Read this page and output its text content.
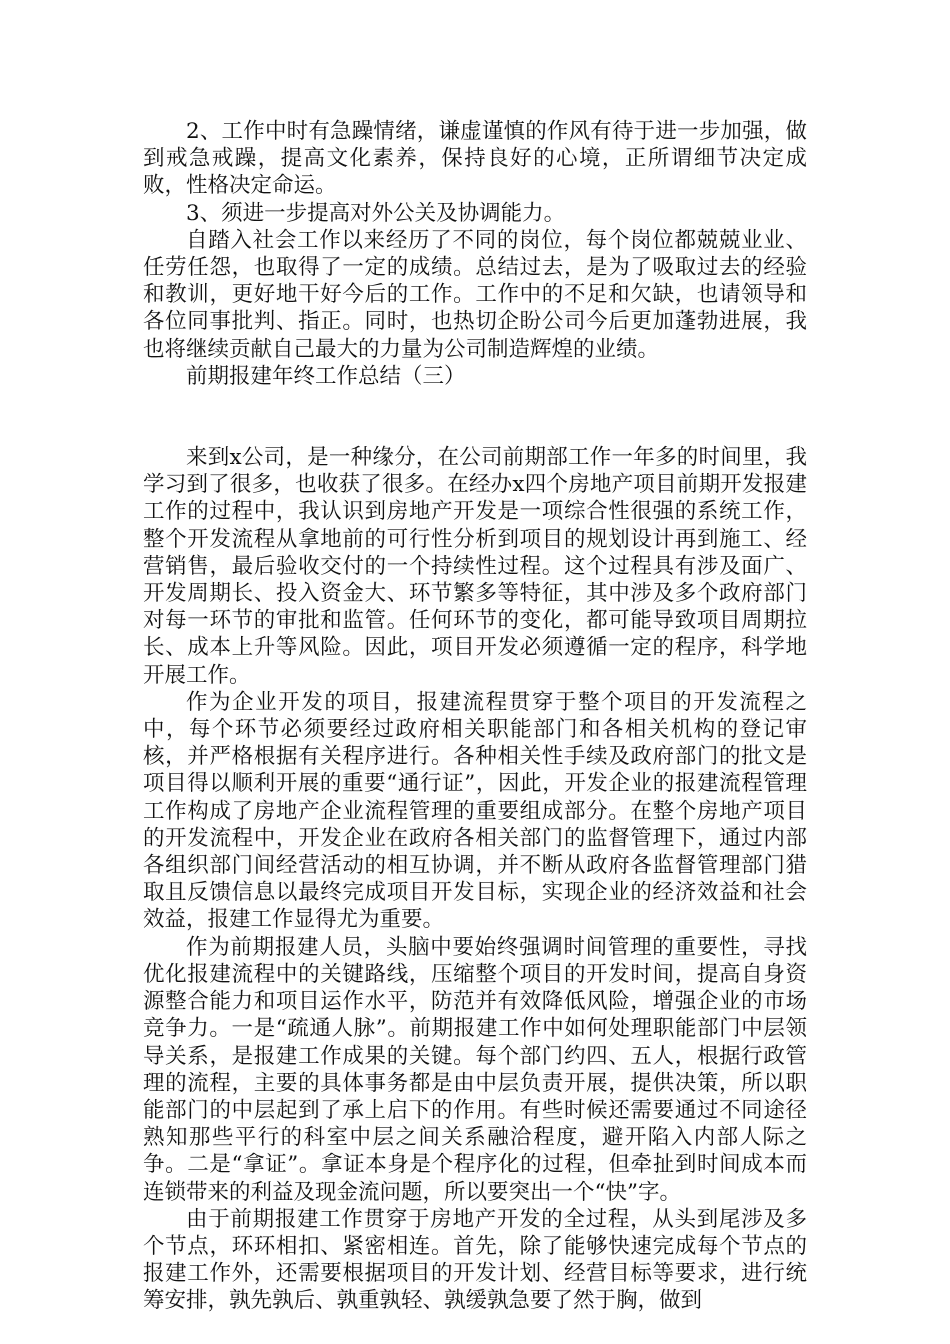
2、工作中时有急躁情绪，谦虚谨慎的作风有待于进一步加强，做到戒急戒躁，提高文化素养，保持良好的心境，正所谓细节决定成败，性格决定命运。

3、须进一步提高对外公关及协调能力。

自踏入社会工作以来经历了不同的岗位，每个岗位都兢兢业业、任劳任怨，也取得了一定的成绩。总结过去，是为了吸取过去的经验和教训，更好地干好今后的工作。工作中的不足和欠缺，也请领导和各位同事批判、指正。同时，也热切企盼公司今后更加蓬勃进展，我也将继续贡献自己最大的力量为公司制造辉煌的业绩。

前期报建年终工作总结（三）

来到x公司，是一种缘分，在公司前期部工作一年多的时间里，我学习到了很多，也收获了很多。在经办x四个房地产项目前期开发报建工作的过程中，我认识到房地产开发是一项综合性很强的系统工作，整个开发流程从拿地前的可行性分析到项目的规划设计再到施工、经营销售，最后验收交付的一个持续性过程。这个过程具有涉及面广、开发周期长、投入资金大、环节繁多等特征，其中涉及多个政府部门对每一环节的审批和监管。任何环节的变化，都可能导致项目周期拉长、成本上升等风险。因此，项目开发必须遵循一定的程序，科学地开展工作。

作为企业开发的项目，报建流程贯穿于整个项目的开发流程之中，每个环节必须要经过政府相关职能部门和各相关机构的登记审核，并严格根据有关程序进行。各种相关性手续及政府部门的批文是项目得以顺利开展的重要“通行证”，因此，开发企业的报建流程管理工作构成了房地产企业流程管理的重要组成部分。在整个房地产项目的开发流程中，开发企业在政府各相关部门的监督管理下，通过内部各组织部门间经营活动的相互协调，并不断从政府各监督管理部门猎取且反馈信息以最终完成项目开发目标，实现企业的经济效益和社会效益，报建工作显得尤为重要。

作为前期报建人员，头脑中要始终强调时间管理的重要性，寻找优化报建流程中的关键路线，压缩整个项目的开发时间，提高自身资源整合能力和项目运作水平，防范并有效降低风险，增强企业的市场竞争力。一是“疏通人脉”。前期报建工作中如何处理职能部门中层领导关系，是报建工作成果的关键。每个部门约四、五人，根据行政管理的流程，主要的具体事务都是由中层负责开展，提供决策，所以职能部门的中层起到了承上启下的作用。有些时候还需要通过不同途径熟知那些平行的科室中层之间关系融洽程度，避开陷入内部人际之争。二是“拿证”。拿证本身是个程序化的过程，但牵扯到时间成本而连锁带来的利益及现金流问题，所以要突出一个“快”字。

由于前期报建工作贯穿于房地产开发的全过程，从头到尾涉及多个节点，环环相扣、紧密相连。首先，除了能够快速完成每个节点的报建工作外，还需要根据项目的开发计划、经营目标等要求，进行统筹安排，孰先孰后、孰重孰轻、孰缓孰急要了然于胸，做到
